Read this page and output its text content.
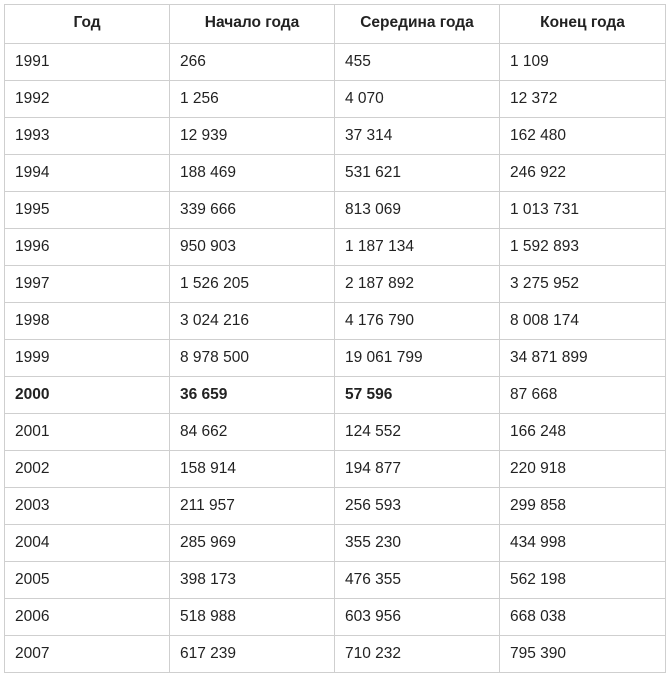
Год	Начало года	Середина года	Конец года
1991	266	455	1 109
1992	1 256	4 070	12 372
1993	12 939	37 314	162 480
1994	188 469	531 621	246 922
1995	339 666	813 069	1 013 731
1996	950 903	1 187 134	1 592 893
1997	1 526 205	2 187 892	3 275 952
1998	3 024 216	4 176 790	8 008 174
1999	8 978 500	19 061 799	34 871 899
2000	36 659	57 596	87 668
2001	84 662	124 552	166 248
2002	158 914	194 877	220 918
2003	211 957	256 593	299 858
2004	285 969	355 230	434 998
2005	398 173	476 355	562 198
2006	518 988	603 956	668 038
2007	617 239	710 232	795 390
